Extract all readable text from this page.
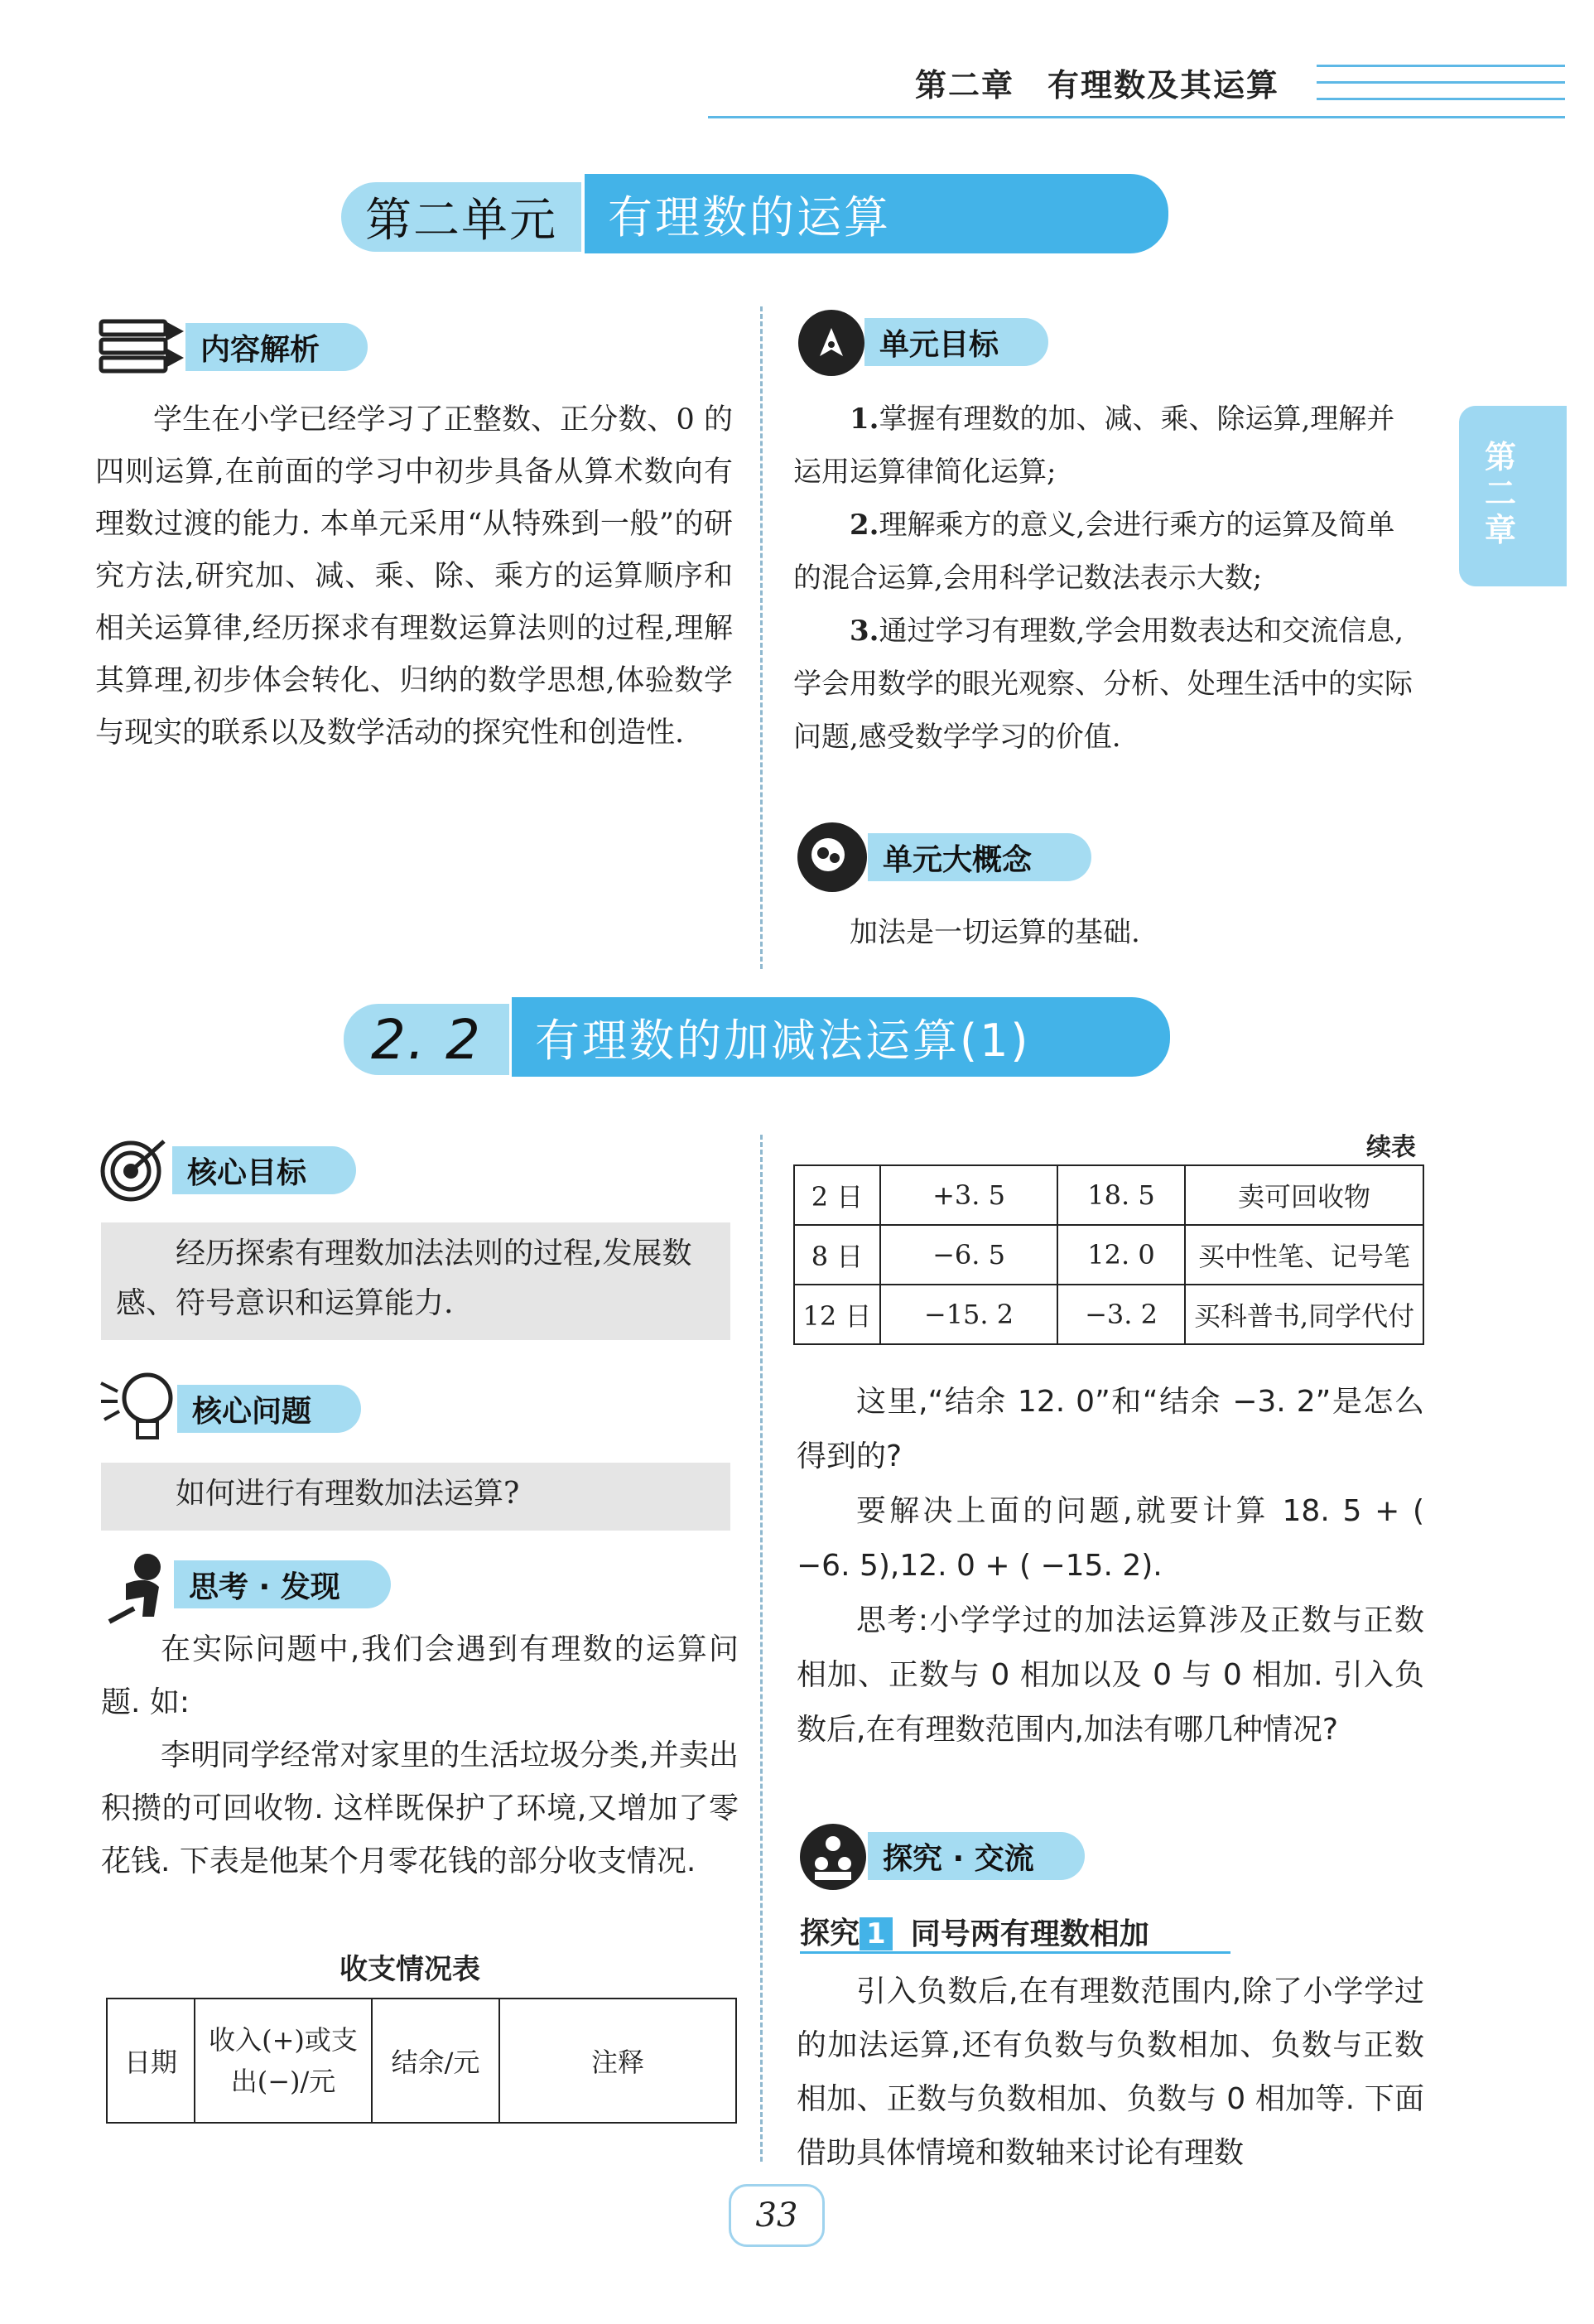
第二章　有理数及其运算
第二章
第二单元	有理数的运算
内容解析

学生在小学已经学习了正整数、正分数、0 的四则运算,在前面的学习中初步具备从算术数向有理数过渡的能力. 本单元采用“从特殊到一般”的研究方法,研究加、减、乘、除、乘方的运算顺序和相关运算律,经历探求有理数运算法则的过程,理解其算理,初步体会转化、归纳的数学思想,体验数学与现实的联系以及数学活动的探究性和创造性.

单元目标

1.掌握有理数的加、减、乘、除运算,理解并运用运算律简化运算;

2.理解乘方的意义,会进行乘方的运算及简单的混合运算,会用科学记数法表示大数;

3.通过学习有理数,学会用数表达和交流信息,学会用数学的眼光观察、分析、处理生活中的实际问题,感受数学学习的价值.

单元大概念

加法是一切运算的基础.

2. 2	有理数的加减法运算(1)
核心目标

经历探索有理数加法法则的过程,发展数感、符号意识和运算能力.

核心问题

如何进行有理数加法运算?

思考 · 发现

在实际问题中,我们会遇到有理数的运算问题. 如:

李明同学经常对家里的生活垃圾分类,并卖出积攒的可回收物. 这样既保护了环境,又增加了零花钱. 下表是他某个月零花钱的部分收支情况.

收支情况表
日期	收入(+)或支出(−)/元	结余/元	注释
续表
2 日	+3. 5	18. 5	卖可回收物
8 日	−6. 5	12. 0	买中性笔、记号笔
12 日	−15. 2	−3. 2	买科普书,同学代付

这里,“结余 12. 0”和“结余 −3. 2”是怎么得到的?

要解决上面的问题,就要计算 18. 5 + ( −6. 5),12. 0 + ( −15. 2).

思考:小学学过的加法运算涉及正数与正数相加、正数与 0 相加以及 0 与 0 相加. 引入负数后,在有理数范围内,加法有哪几种情况?

探究 · 交流
探究 1 同号两有理数相加

引入负数后,在有理数范围内,除了小学学过的加法运算,还有负数与负数相加、负数与正数相加、正数与负数相加、负数与 0 相加等. 下面借助具体情境和数轴来讨论有理数

33
